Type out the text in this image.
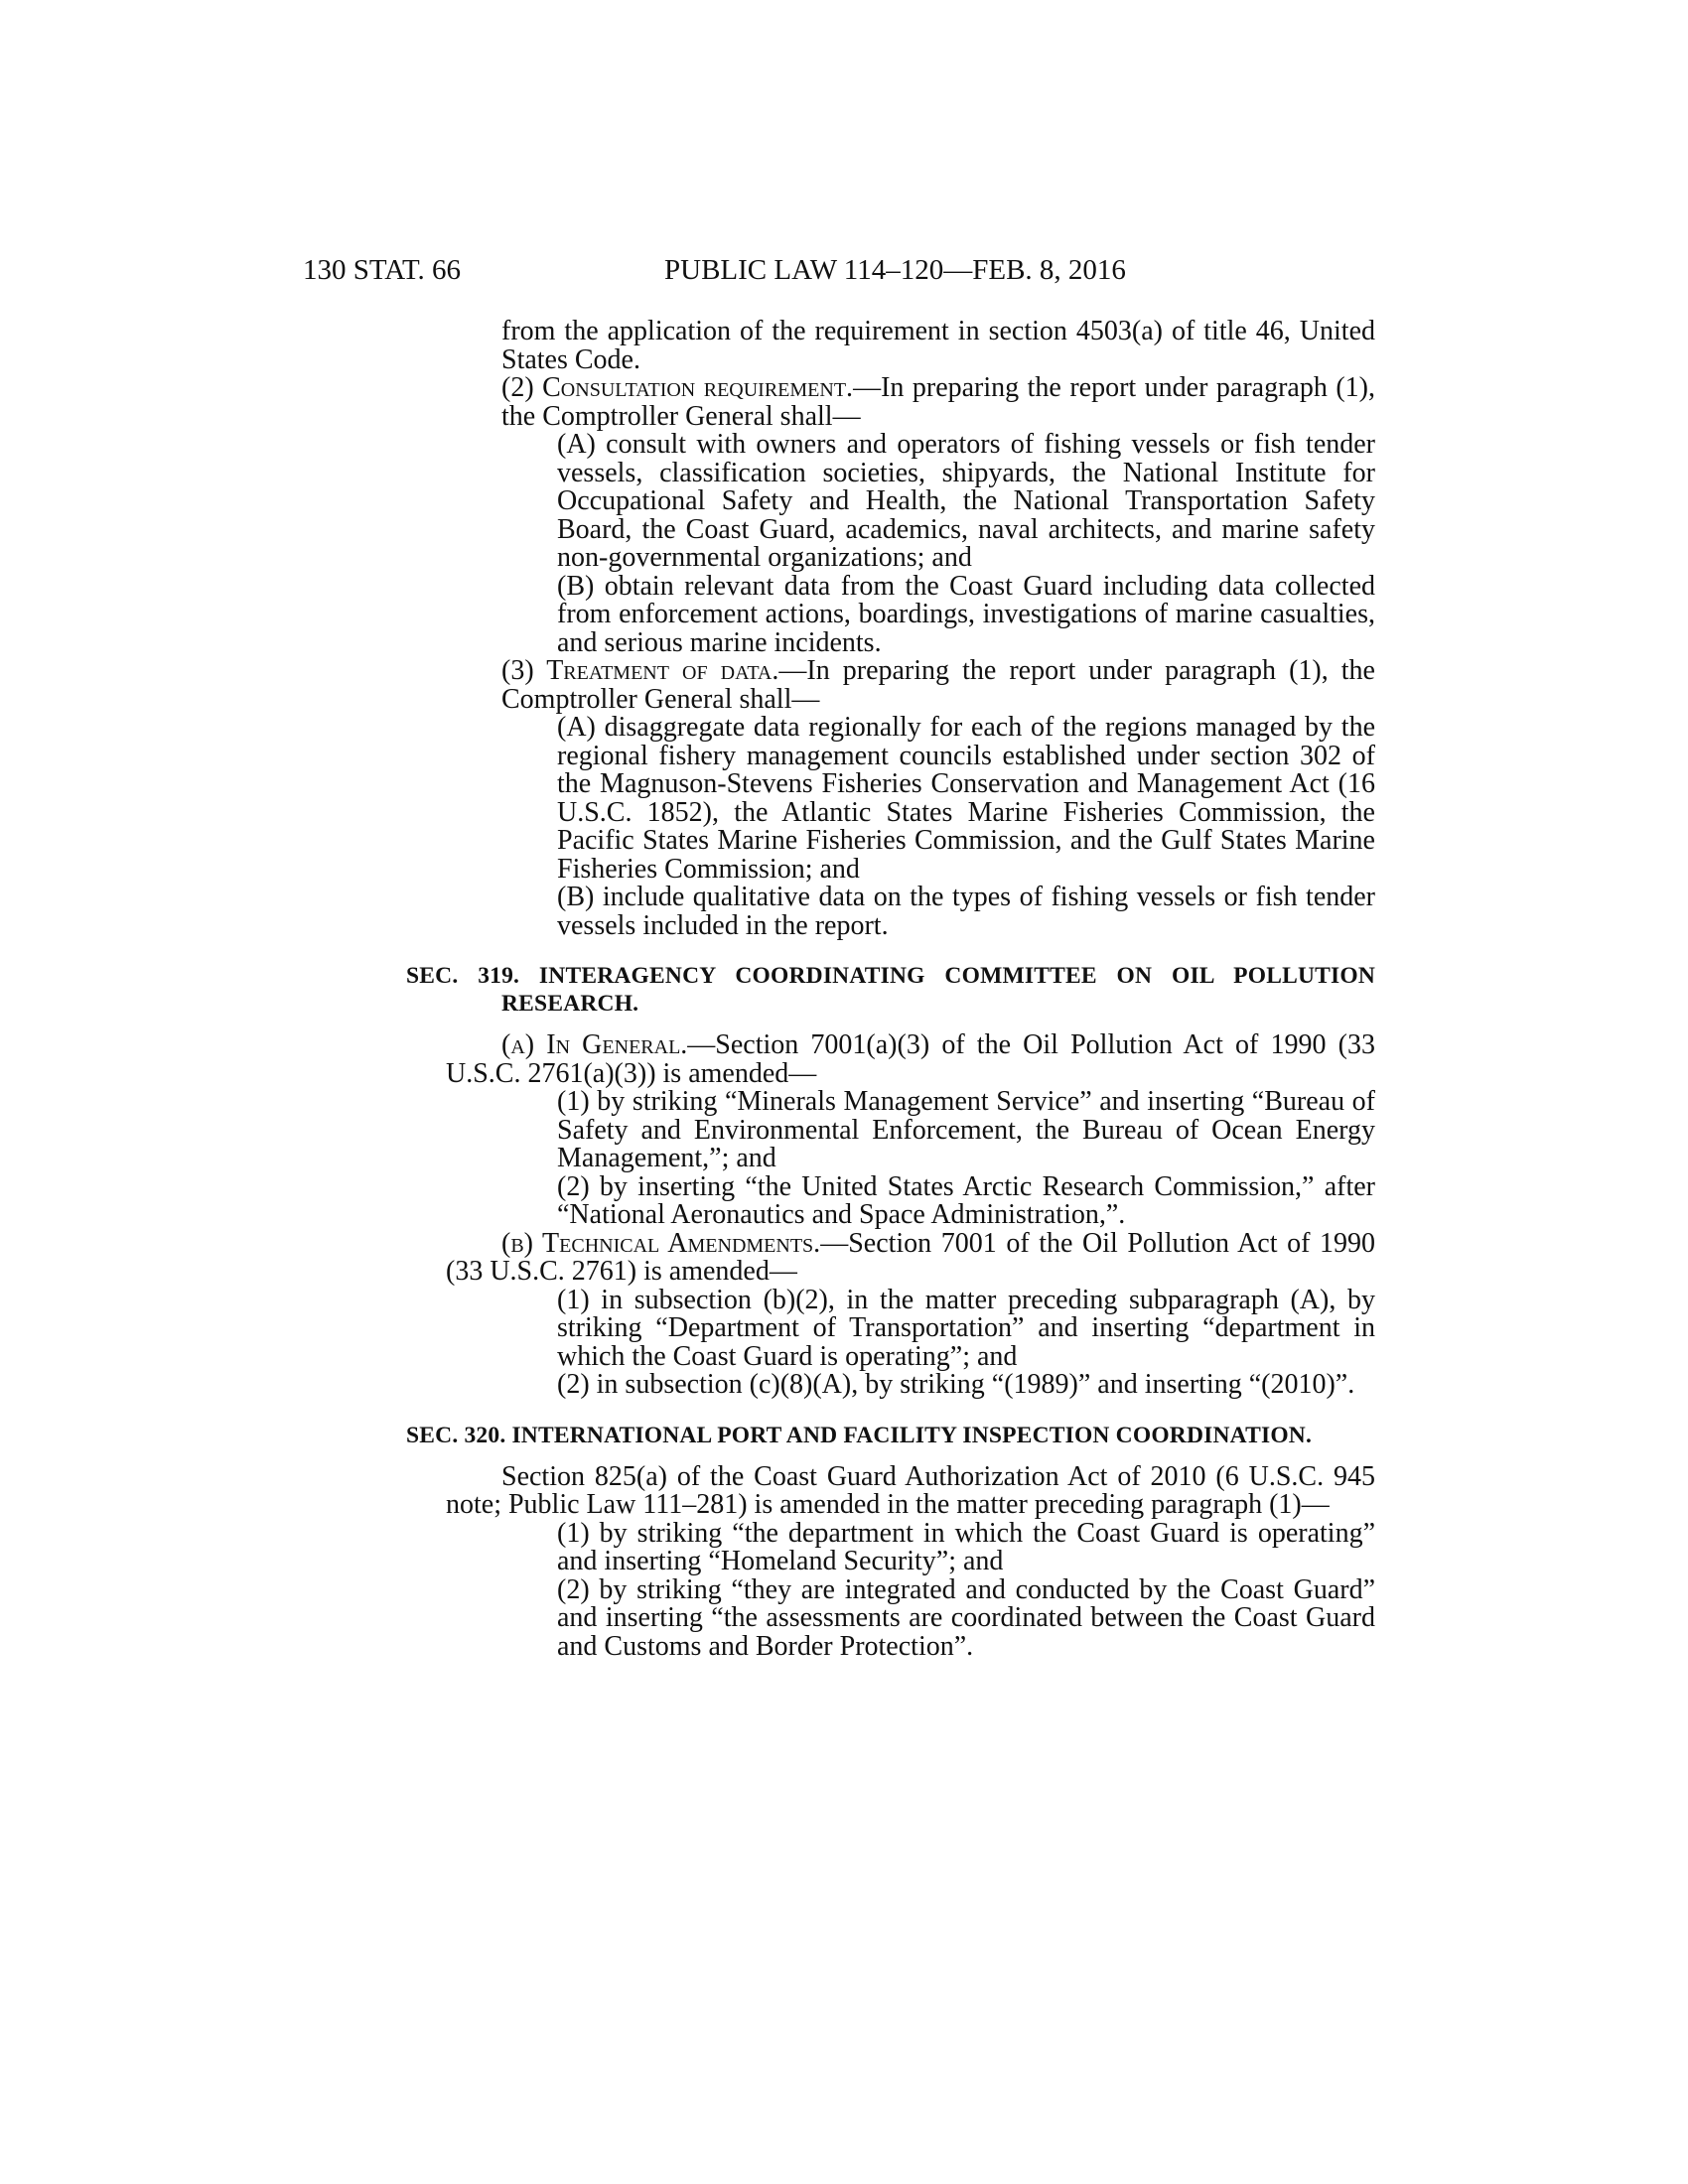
130 STAT. 66	PUBLIC LAW 114–120—FEB. 8, 2016

from the application of the requirement in section 4503(a) of title 46, United States Code.

(2) Consultation requirement.—In preparing the report under paragraph (1), the Comptroller General shall—

(A) consult with owners and operators of fishing vessels or fish tender vessels, classification societies, shipyards, the National Institute for Occupational Safety and Health, the National Transportation Safety Board, the Coast Guard, academics, naval architects, and marine safety non-governmental organizations; and

(B) obtain relevant data from the Coast Guard including data collected from enforcement actions, boardings, investigations of marine casualties, and serious marine incidents.

(3) Treatment of data.—In preparing the report under paragraph (1), the Comptroller General shall—

(A) disaggregate data regionally for each of the regions managed by the regional fishery management councils established under section 302 of the Magnuson-Stevens Fisheries Conservation and Management Act (16 U.S.C. 1852), the Atlantic States Marine Fisheries Commission, the Pacific States Marine Fisheries Commission, and the Gulf States Marine Fisheries Commission; and

(B) include qualitative data on the types of fishing vessels or fish tender vessels included in the report.

SEC. 319. INTERAGENCY COORDINATING COMMITTEE ON OIL POLLUTION RESEARCH.

(a) In General.—Section 7001(a)(3) of the Oil Pollution Act of 1990 (33 U.S.C. 2761(a)(3)) is amended—

(1) by striking “Minerals Management Service” and inserting “Bureau of Safety and Environmental Enforcement, the Bureau of Ocean Energy Management,”; and

(2) by inserting “the United States Arctic Research Commission,” after “National Aeronautics and Space Administration,”.

(b) Technical Amendments.—Section 7001 of the Oil Pollution Act of 1990 (33 U.S.C. 2761) is amended—

(1) in subsection (b)(2), in the matter preceding subparagraph (A), by striking “Department of Transportation” and inserting “department in which the Coast Guard is operating”; and

(2) in subsection (c)(8)(A), by striking “(1989)” and inserting “(2010)”.

SEC. 320. INTERNATIONAL PORT AND FACILITY INSPECTION COORDINATION.

Section 825(a) of the Coast Guard Authorization Act of 2010 (6 U.S.C. 945 note; Public Law 111–281) is amended in the matter preceding paragraph (1)—

(1) by striking “the department in which the Coast Guard is operating” and inserting “Homeland Security”; and

(2) by striking “they are integrated and conducted by the Coast Guard” and inserting “the assessments are coordinated between the Coast Guard and Customs and Border Protection”.
